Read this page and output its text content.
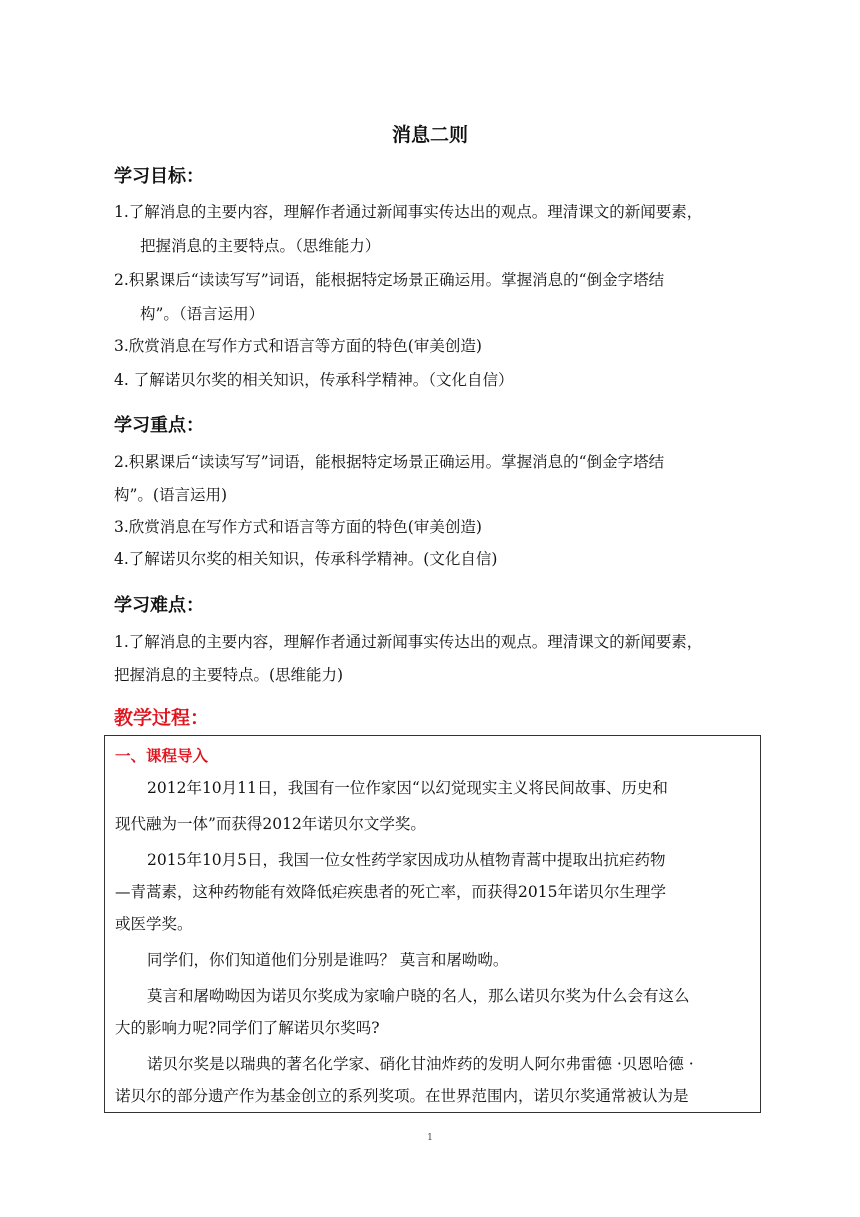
消息二则
学习目标：
1.了解消息的主要内容，理解作者通过新闻事实传达出的观点。理清课文的新闻要素，
把握消息的主要特点。（思维能力）
2.积累课后“读读写写”词语，能根据特定场景正确运用。掌握消息的“倒金字塔结
构”。（语言运用）
3.欣赏消息在写作方式和语言等方面的特色(审美创造)
4. 了解诺贝尔奖的相关知识，传承科学精神。（文化自信）
学习重点：
2.积累课后“读读写写”词语，能根据特定场景正确运用。掌握消息的“倒金字塔结
构”。(语言运用)
3.欣赏消息在写作方式和语言等方面的特色(审美创造)
4.了解诺贝尔奖的相关知识，传承科学精神。(文化自信)
学习难点：
1.了解消息的主要内容，理解作者通过新闻事实传达出的观点。理清课文的新闻要素，
把握消息的主要特点。(思维能力)
教学过程：
一、课程导入
2012年10月11日，我国有一位作家因“以幻觉现实主义将民间故事、历史和
现代融为一体”而获得2012年诺贝尔文学奖。
2015年10月5日，我国一位女性药学家因成功从植物青蒿中提取出抗疟药物
—青蒿素，这种药物能有效降低疟疾患者的死亡率，而获得2015年诺贝尔生理学
或医学奖。
同学们，你们知道他们分别是谁吗？ 莫言和屠呦呦。
莫言和屠呦呦因为诺贝尔奖成为家喻户晓的名人，那么诺贝尔奖为什么会有这么
大的影响力呢?同学们了解诺贝尔奖吗?
诺贝尔奖是以瑞典的著名化学家、硝化甘油炸药的发明人阿尔弗雷德 ·贝恩哈德 ·
诺贝尔的部分遗产作为基金创立的系列奖项。在世界范围内，诺贝尔奖通常被认为是
1
